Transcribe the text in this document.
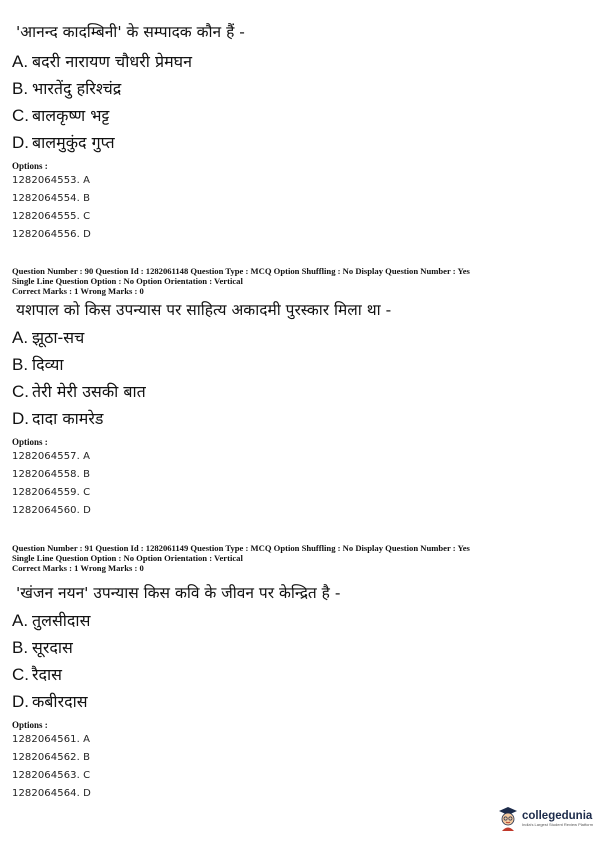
'आनन्द कादम्बिनी' के सम्पादक कौन हैं -
A. बदरी नारायण चौधरी प्रेमघन
B. भारतेंदु हरिश्चंद्र
C. बालकृष्ण भट्ट
D. बालमुकुंद गुप्त
Options :
1282064553. A
1282064554. B
1282064555. C
1282064556. D
Question Number : 90 Question Id : 1282061148 Question Type : MCQ Option Shuffling : No Display Question Number : Yes
Single Line Question Option : No Option Orientation : Vertical
Correct Marks : 1 Wrong Marks : 0
यशपाल को किस उपन्यास पर साहित्य अकादमी पुरस्कार मिला था -
A. झूठा-सच
B. दिव्या
C. तेरी मेरी उसकी बात
D. दादा कामरेड
Options :
1282064557. A
1282064558. B
1282064559. C
1282064560. D
Question Number : 91 Question Id : 1282061149 Question Type : MCQ Option Shuffling : No Display Question Number : Yes
Single Line Question Option : No Option Orientation : Vertical
Correct Marks : 1 Wrong Marks : 0
'खंजन नयन' उपन्यास किस कवि के जीवन पर केन्द्रित है -
A. तुलसीदास
B. सूरदास
C. रैदास
D. कबीरदास
Options :
1282064561. A
1282064562. B
1282064563. C
1282064564. D
collegedunia
India's Largest Student Review Platform
